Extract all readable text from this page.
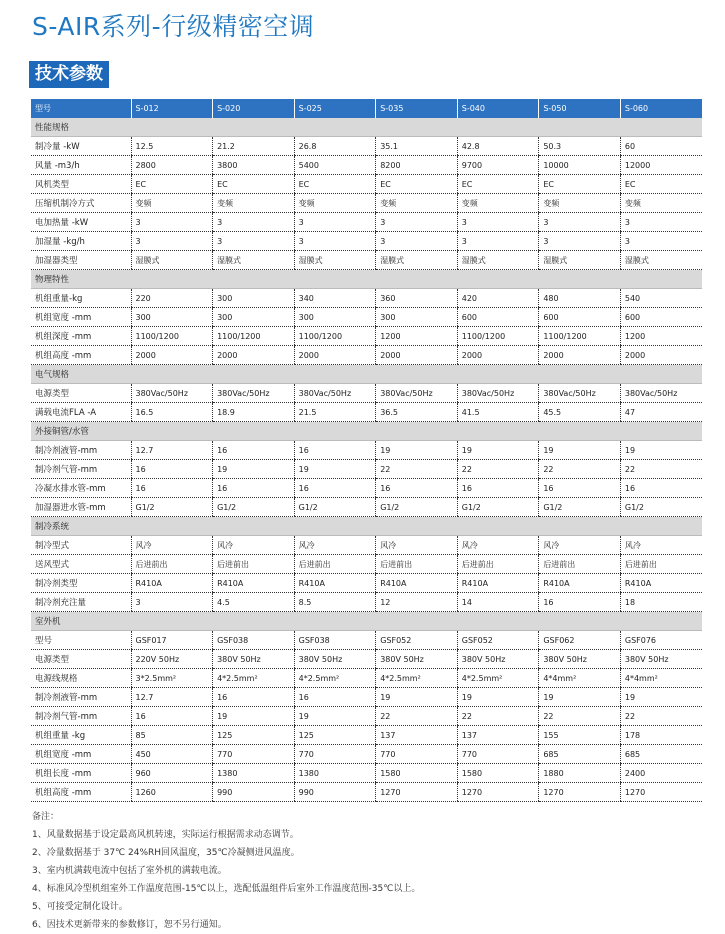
S-AIR系列-行级精密空调
技术参数
型号	S-012	S-020	S-025	S-035	S-040	S-050	S-060
性能规格							
制冷量 -kW	12.5	21.2	26.8	35.1	42.8	50.3	60
风量 -m3/h	2800	3800	5400	8200	9700	10000	12000
风机类型	EC	EC	EC	EC	EC	EC	EC
压缩机制冷方式	变频	变频	变频	变频	变频	变频	变频
电加热量 -kW	3	3	3	3	3	3	3
加湿量 -kg/h	3	3	3	3	3	3	3
加湿器类型	湿膜式	湿膜式	湿膜式	湿膜式	湿膜式	湿膜式	湿膜式
物理特性							
机组重量-kg	220	300	340	360	420	480	540
机组宽度 -mm	300	300	300	300	600	600	600
机组深度 -mm	1100/1200	1100/1200	1100/1200	1200	1100/1200	1100/1200	1200
机组高度 -mm	2000	2000	2000	2000	2000	2000	2000
电气规格							
电源类型	380Vac/50Hz	380Vac/50Hz	380Vac/50Hz	380Vac/50Hz	380Vac/50Hz	380Vac/50Hz	380Vac/50Hz
满载电流FLA -A	16.5	18.9	21.5	36.5	41.5	45.5	47
外接铜管/水管							
制冷剂液管-mm	12.7	16	16	19	19	19	19
制冷剂气管-mm	16	19	19	22	22	22	22
冷凝水排水管-mm	16	16	16	16	16	16	16
加湿器进水管-mm	G1/2	G1/2	G1/2	G1/2	G1/2	G1/2	G1/2
制冷系统							
制冷型式	风冷	风冷	风冷	风冷	风冷	风冷	风冷
送风型式	后进前出	后进前出	后进前出	后进前出	后进前出	后进前出	后进前出
制冷剂类型	R410A	R410A	R410A	R410A	R410A	R410A	R410A
制冷剂充注量	3	4.5	8.5	12	14	16	18
室外机							
型号	GSF017	GSF038	GSF038	GSF052	GSF052	GSF062	GSF076
电源类型	220V 50Hz	380V 50Hz	380V 50Hz	380V 50Hz	380V 50Hz	380V 50Hz	380V 50Hz
电源线规格	3*2.5mm²	4*2.5mm²	4*2.5mm²	4*2.5mm²	4*2.5mm²	4*4mm²	4*4mm²
制冷剂液管-mm	12.7	16	16	19	19	19	19
制冷剂气管-mm	16	19	19	22	22	22	22
机组重量 -kg	85	125	125	137	137	155	178
机组宽度 -mm	450	770	770	770	770	685	685
机组长度 -mm	960	1380	1380	1580	1580	1880	2400
机组高度 -mm	1260	990	990	1270	1270	1270	1270
备注：
1、风量数据基于设定最高风机转速，实际运行根据需求动态调节。
2、冷量数据基于 37℃ 24%RH回风温度，35℃冷凝侧进风温度。
3、室内机满载电流中包括了室外机的满载电流。
4、标准风冷型机组室外工作温度范围-15℃以上，选配低温组件后室外工作温度范围-35℃以上。
5、可接受定制化设计。
6、因技术更新带来的参数修订，恕不另行通知。
